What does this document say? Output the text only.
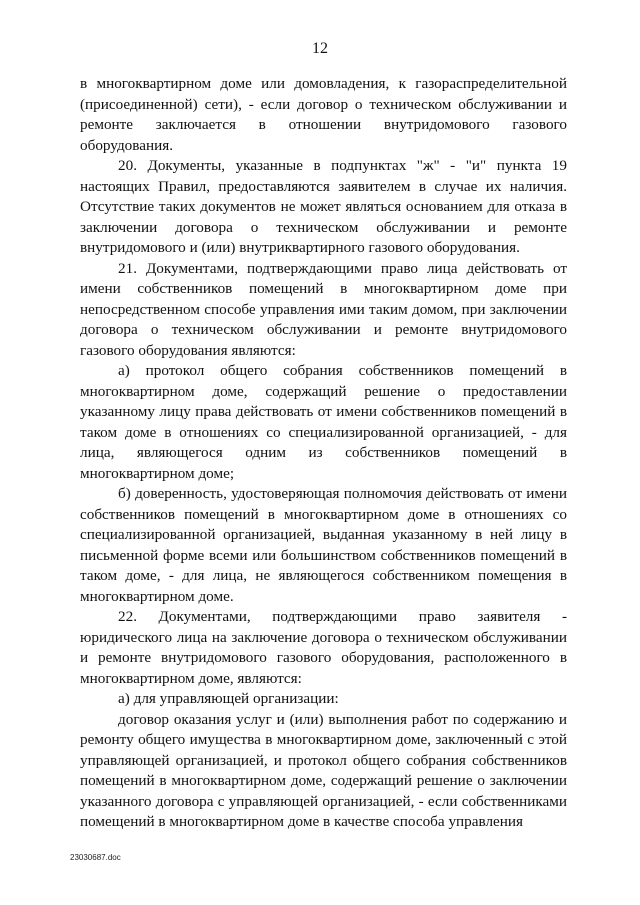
12

в многоквартирном доме или домовладения, к газораспределительной (присоединенной) сети), - если договор о техническом обслуживании и ремонте заключается в отношении внутридомового газового оборудования.

20. Документы, указанные в подпунктах "ж" - "и" пункта 19 настоящих Правил, предоставляются заявителем в случае их наличия. Отсутствие таких документов не может являться основанием для отказа в заключении договора о техническом обслуживании и ремонте внутридомового и (или) внутриквартирного газового оборудования.

21. Документами, подтверждающими право лица действовать от имени собственников помещений в многоквартирном доме при непосредственном способе управления ими таким домом, при заключении договора о техническом обслуживании и ремонте внутридомового газового оборудования являются:

а) протокол общего собрания собственников помещений в многоквартирном доме, содержащий решение о предоставлении указанному лицу права действовать от имени собственников помещений в таком доме в отношениях со специализированной организацией, - для лица, являющегося одним из собственников помещений в многоквартирном доме;

б) доверенность, удостоверяющая полномочия действовать от имени собственников помещений в многоквартирном доме в отношениях со специализированной организацией, выданная указанному в ней лицу в письменной форме всеми или большинством собственников помещений в таком доме, - для лица, не являющегося собственником помещения в многоквартирном доме.

22. Документами, подтверждающими право заявителя - юридического лица на заключение договора о техническом обслуживании и ремонте внутридомового газового оборудования, расположенного в многоквартирном доме, являются:

а) для управляющей организации:

договор оказания услуг и (или) выполнения работ по содержанию и ремонту общего имущества в многоквартирном доме, заключенный с этой управляющей организацией, и протокол общего собрания собственников помещений в многоквартирном доме, содержащий решение о заключении указанного договора с управляющей организацией, - если собственниками помещений в многоквартирном доме в качестве способа управления

23030687.doc
